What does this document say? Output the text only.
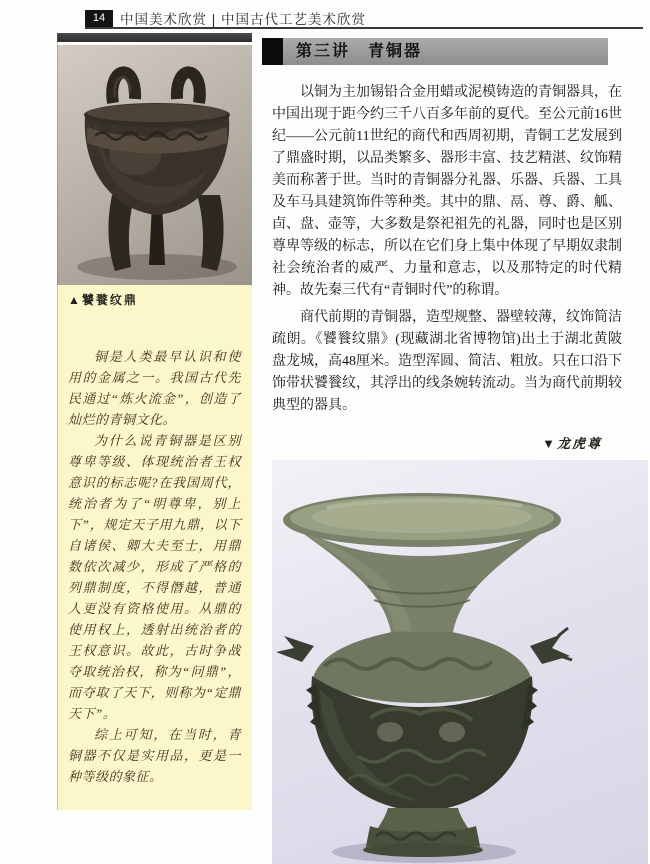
14	中国美术欣赏 | 中国古代工艺美术欣赏
▲饕餮纹鼎

铜是人类最早认识和使用的金属之一。我国古代先民通过“炼火流金”，创造了灿烂的青铜文化。

为什么说青铜器是区别尊卑等级、体现统治者王权意识的标志呢?在我国周代，统治者为了“明尊卑，别上下”，规定天子用九鼎，以下自诸侯、卿大夫至士，用鼎数依次减少，形成了严格的列鼎制度，不得僭越，普通人更没有资格使用。从鼎的使用权上，透射出统治者的王权意识。故此，古时争战夺取统治权，称为“问鼎”，而夺取了天下，则称为“定鼎天下”。

综上可知，在当时，青铜器不仅是实用品，更是一种等级的象征。

第三讲　青铜器

以铜为主加锡铅合金用蜡或泥模铸造的青铜器具，在中国出现于距今约三千八百多年前的夏代。至公元前16世纪——公元前11世纪的商代和西周初期，青铜工艺发展到了鼎盛时期，以品类繁多、器形丰富、技艺精湛、纹饰精美而称著于世。当时的青铜器分礼器、乐器、兵器、工具及车马具建筑饰件等种类。其中的鼎、鬲、尊、爵、觚、卣、盘、壶等，大多数是祭祀祖先的礼器，同时也是区别尊卑等级的标志，所以在它们身上集中体现了早期奴隶制社会统治者的威严、力量和意志，以及那特定的时代精神。故先秦三代有“青铜时代”的称谓。

商代前期的青铜器，造型规整、器壁较薄，纹饰简洁疏朗。《饕餮纹鼎》(现藏湖北省博物馆)出土于湖北黄陂盘龙城，高48厘米。造型浑圆、简洁、粗放。只在口沿下饰带状饕餮纹，其浮出的线条婉转流动。当为商代前期较典型的器具。

▼龙虎尊
